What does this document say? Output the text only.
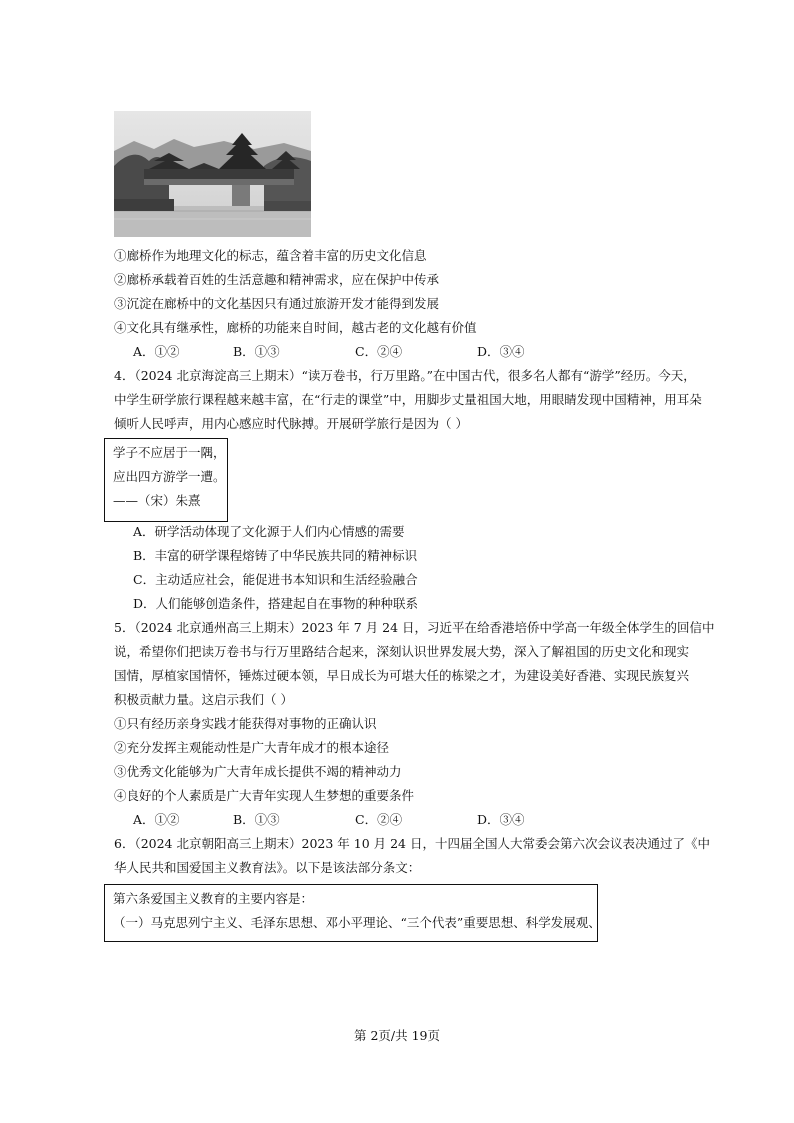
①廊桥作为地理文化的标志，蕴含着丰富的历史文化信息
②廊桥承载着百姓的生活意趣和精神需求，应在保护中传承
③沉淀在廊桥中的文化基因只有通过旅游开发才能得到发展
④文化具有继承性，廊桥的功能来自时间，越古老的文化越有价值
A．①②	B．①③	C．②④	D．③④
4．（2024 北京海淀高三上期末）“读万卷书，行万里路。”在中国古代，很多名人都有“游学”经历。今天，
中学生研学旅行课程越来越丰富，在“行走的课堂”中，用脚步丈量祖国大地，用眼睛发现中国精神，用耳朵
倾听人民呼声，用内心感应时代脉搏。开展研学旅行是因为（ ）
学子不应居于一隅，
应出四方游学一遭。
——（宋）朱熹
A．研学活动体现了文化源于人们内心情感的需要
B．丰富的研学课程熔铸了中华民族共同的精神标识
C．主动适应社会，能促进书本知识和生活经验融合
D．人们能够创造条件，搭建起自在事物的种种联系
5．（2024 北京通州高三上期末）2023 年 7 月 24 日，习近平在给香港培侨中学高一年级全体学生的回信中
说，希望你们把读万卷书与行万里路结合起来，深刻认识世界发展大势，深入了解祖国的历史文化和现实
国情，厚植家国情怀，锤炼过硬本领，早日成长为可堪大任的栋梁之才，为建设美好香港、实现民族复兴
积极贡献力量。这启示我们（ ）
①只有经历亲身实践才能获得对事物的正确认识
②充分发挥主观能动性是广大青年成才的根本途径
③优秀文化能够为广大青年成长提供不竭的精神动力
④良好的个人素质是广大青年实现人生梦想的重要条件
A．①②	B．①③	C．②④	D．③④
6．（2024 北京朝阳高三上期末）2023 年 10 月 24 日，十四届全国人大常委会第六次会议表决通过了《中
华人民共和国爱国主义教育法》。以下是该法部分条文：
第六条爱国主义教育的主要内容是：
（一）马克思列宁主义、毛泽东思想、邓小平理论、“三个代表”重要思想、科学发展观、
第 2页/共 19页
